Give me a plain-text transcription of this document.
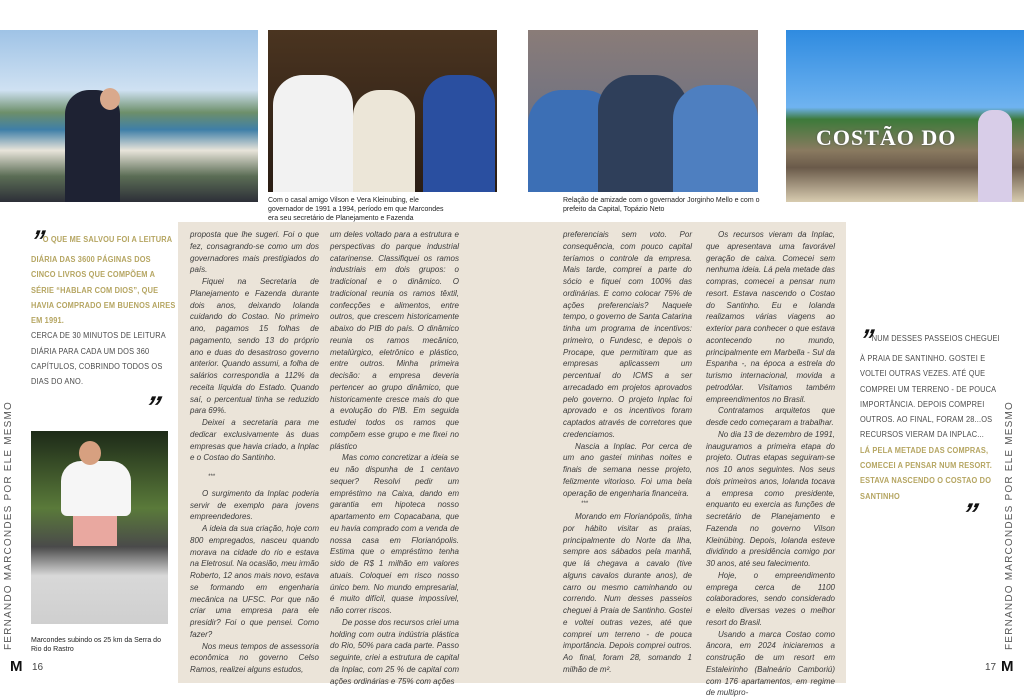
Com o casal amigo Vilson e Vera Kleinubing, ele governador de 1991 a 1994, período em que Marcondes era seu secretário de Planejamento e Fazenda
Relação de amizade com o governador Jorginho Mello e com o prefeito da Capital, Topázio Neto
COSTÃO DO
Marcondes subindo os 25 km da Serra do Rio do Rastro
” O QUE ME SALVOU FOI A LEITURA DIÁRIA DAS 3600 PÁGINAS DOS CINCO LIVROS QUE COMPÕEM A SÉRIE “HABLAR COM DIOS”, QUE HAVIA COMPRADO EM BUENOS AIRES EM 1991.
CERCA DE 30 MINUTOS DE LEITURA DIÁRIA PARA CADA UM DOS 360 CAPÍTULOS, COBRINDO TODOS OS DIAS DO ANO.
”

proposta que lhe sugeri. Foi o que fez, consagrando-se como um dos governadores mais prestigiados do país.

Fiquei na Secretaria de Planejamento e Fazenda durante dois anos, deixando Iolanda cuidando do Costao. No primeiro ano, pagamos 15 folhas de pagamento, sendo 13 do próprio ano e duas do desastroso governo anterior. Quando assumi, a folha de salários correspondia a 112% da receita líquida do Estado. Quando saí, o percentual tinha se reduzido para 69%.

Deixei a secretaria para me dedicar exclusivamente às duas empresas que havia criado, a Inplac e o Costao do Santinho.

***

O surgimento da Inplac poderia servir de exemplo para jovens empreendedores.

A ideia da sua criação, hoje com 800 empregados, nasceu quando morava na cidade do rio e estava na Eletrosul. Na ocasião, meu irmão Roberto, 12 anos mais novo, estava se formando em engenharia mecânica na UFSC. Por que não criar uma empresa para ele presidir? Foi o que pensei. Como fazer?

Nos meus tempos de assessoria econômica no governo Celso Ramos, realizei alguns estudos,

um deles voltado para a estrutura e perspectivas do parque industrial catarinense. Classifiquei os ramos industriais em dois grupos: o tradicional e o dinâmico. O tradicional reunia os ramos têxtil, confecções e alimentos, entre outros, que crescem historicamente abaixo do PIB do país. O dinâmico reunia os ramos mecânico, metalúrgico, eletrônico e plástico, entre outros. Minha primeira decisão: a empresa deveria pertencer ao grupo dinâmico, que historicamente cresce mais do que a evolução do PIB. Em seguida estudei todos os ramos que compõem esse grupo e me fixei no plástico

Mas como concretizar a ideia se eu não dispunha de 1 centavo sequer? Resolvi pedir um empréstimo na Caixa, dando em garantia em hipoteca nosso apartamento em Copacabana, que eu havia comprado com a venda de nossa casa em Florianópolis. Estima que o empréstimo tenha sido de R$ 1 milhão em valores atuais. Coloquei em risco nosso único bem. No mundo empresarial, é muito difícil, quase impossível, não correr riscos.

De posse dos recursos criei uma holding com outra indústria plástica do Rio, 50% para cada parte. Passo seguinte, criei a estrutura de capital da Inplac, com 25 % de capital com ações ordinárias e 75% com ações

preferenciais sem voto. Por consequência, com pouco capital teríamos o controle da empresa. Mais tarde, comprei a parte do sócio e fiquei com 100% das ordinárias. E como colocar 75% de ações preferenciais? Naquele tempo, o governo de Santa Catarina tinha um programa de incentivos: primeiro, o Fundesc, e depois o Procape, que permitiram que as empresas aplicassem um percentual do ICMS a ser arrecadado em projetos aprovados pelo governo. O projeto Inplac foi aprovado e os incentivos foram captados através de corretores que credenciamos.

Nascia a Inplac. Por cerca de um ano gastei minhas noites e finais de semana nesse projeto, felizmente vitorioso. Foi uma bela operação de engenharia financeira.

***

Morando em Florianópolis, tinha por hábito visitar as praias, principalmente do Norte da Ilha, sempre aos sábados pela manhã, que lá chegava a cavalo (tive alguns cavalos durante anos), de carro ou mesmo caminhando ou correndo. Num desses passeios cheguei à Praia de Santinho. Gostei e voltei outras vezes, até que comprei um terreno - de pouca importância. Depois comprei outros. Ao final, foram 28, somando 1 milhão de m².

Os recursos vieram da Inplac, que apresentava uma favorável geração de caixa. Comecei sem nenhuma ideia. Lá pela metade das compras, comecei a pensar num resort. Estava nascendo o Costao do Santinho. Eu e Iolanda realizamos várias viagens ao exterior para conhecer o que estava acontecendo no mundo, principalmente em Marbella - Sul da Espanha -, na época a estrela do turismo internacional, movida a petrodólar. Visitamos também empreendimentos no Brasil.

Contratamos arquitetos que desde cedo começaram a trabalhar.

No dia 13 de dezembro de 1991, inauguramos a primeira etapa do projeto. Outras etapas seguiram-se nos 10 anos seguintes. Nos seus dois primeiros anos, Iolanda tocava a empresa como presidente, enquanto eu exercia as funções de secretário de Planejamento e Fazenda no governo Vilson Kleinübing. Depois, Iolanda esteve dividindo a presidência comigo por 30 anos, até seu falecimento.

Hoje, o empreendimento emprega cerca de 1100 colaboradores, sendo considerado e eleito diversas vezes o melhor resort do Brasil.

Usando a marca Costao como âncora, em 2024 iniciaremos a construção de um resort em Estaleirinho (Balneário Camboriú) com 176 apartamentos, em regime de multipro-

” NUM DESSES PASSEIOS CHEGUEI À PRAIA DE SANTINHO. GOSTEI E VOLTEI OUTRAS VEZES. ATÉ QUE COMPREI UM TERRENO - DE POUCA IMPORTÂNCIA. DEPOIS COMPREI OUTROS. AO FINAL, FORAM 28...OS RECURSOS VIERAM DA INPLAC...
LÁ PELA METADE DAS COMPRAS, COMECEI A PENSAR NUM RESORT. ESTAVA NASCENDO O COSTAO DO SANTINHO
”
FERNANDO MARCONDES POR ELE MESMO	FERNANDO MARCONDES POR ELE MESMO
M 16	17 M
